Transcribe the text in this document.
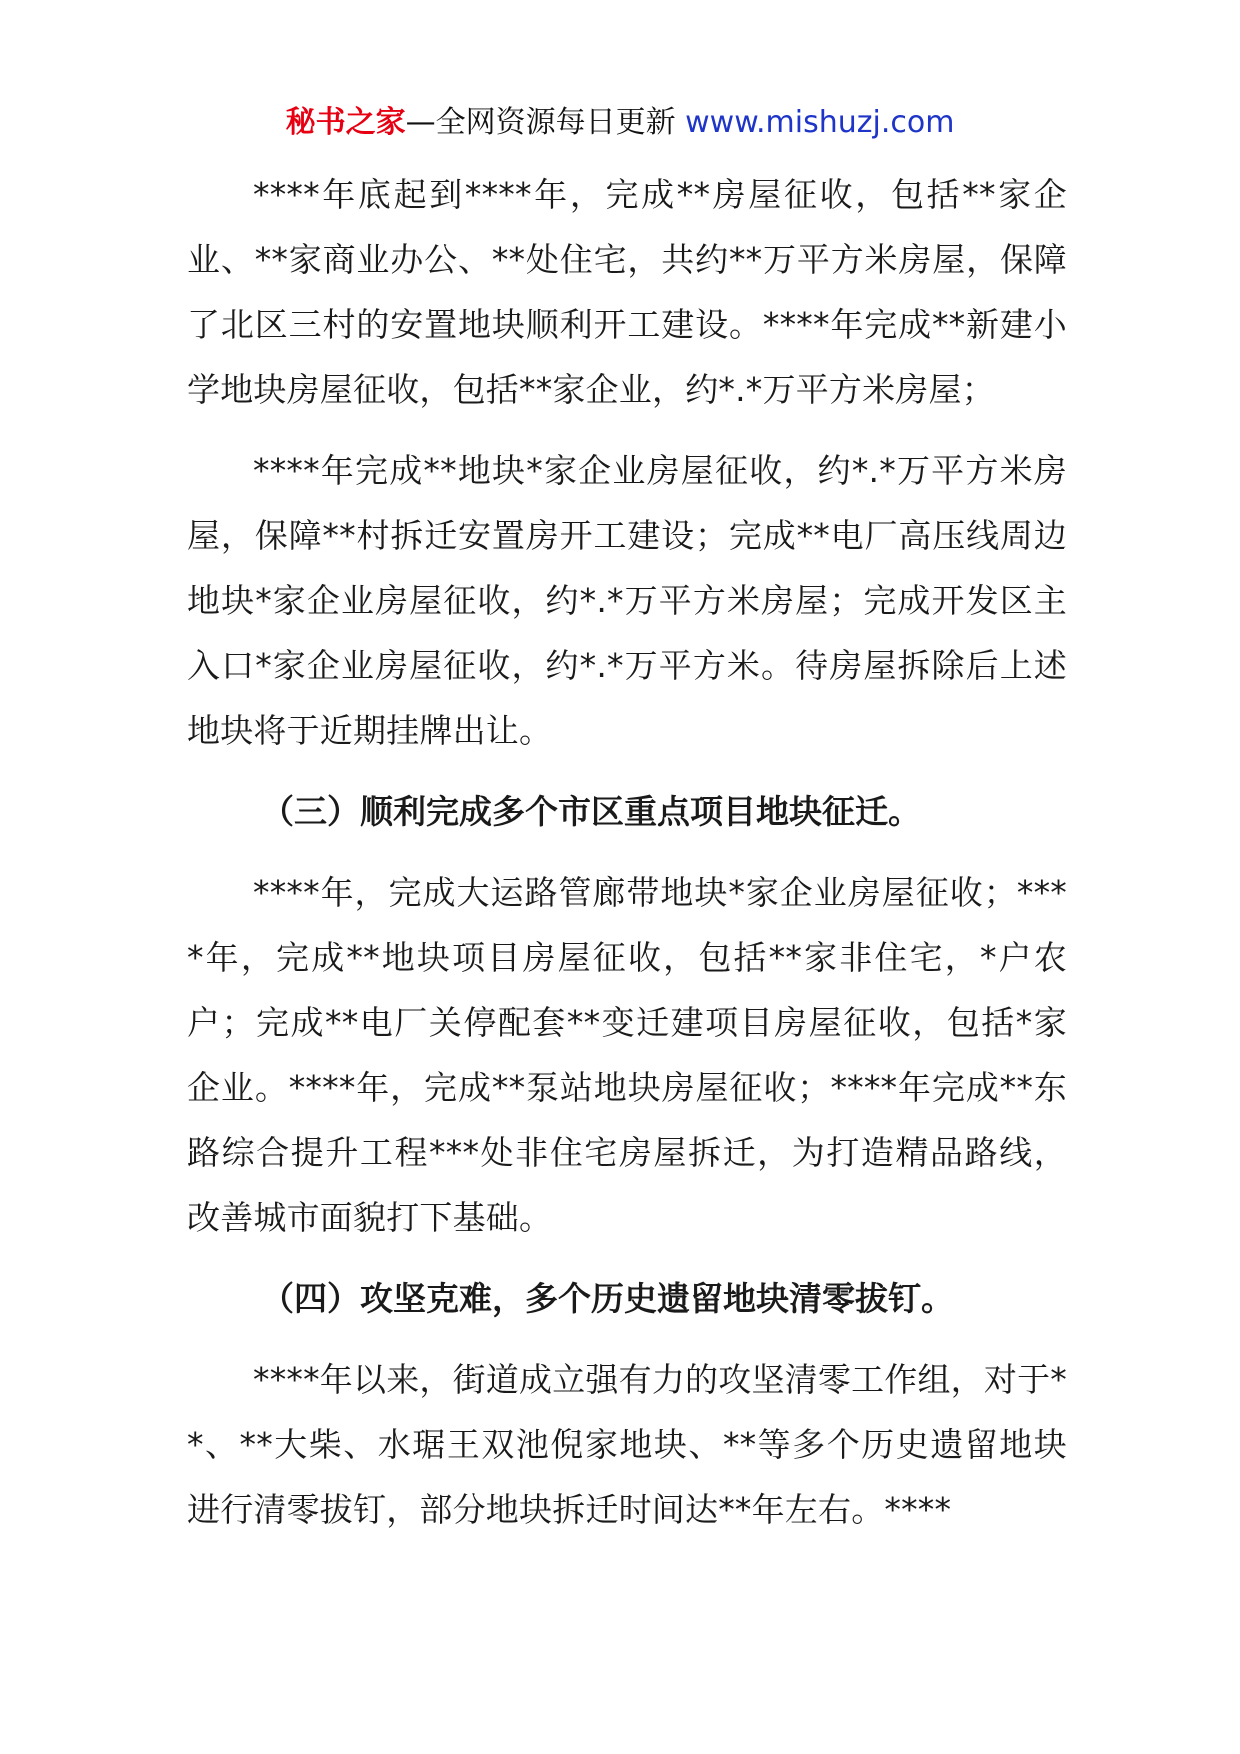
秘书之家—全网资源每日更新 www.mishuzj.com

****年底起到****年，完成**房屋征收，包括**家企业、**家商业办公、**处住宅，共约**万平方米房屋，保障了北区三村的安置地块顺利开工建设。****年完成**新建小学地块房屋征收，包括**家企业，约*.*万平方米房屋；

****年完成**地块*家企业房屋征收，约*.*万平方米房屋，保障**村拆迁安置房开工建设；完成**电厂高压线周边地块*家企业房屋征收，约*.*万平方米房屋；完成开发区主入口*家企业房屋征收，约*.*万平方米。待房屋拆除后上述地块将于近期挂牌出让。

（三）顺利完成多个市区重点项目地块征迁。

****年，完成大运路管廊带地块*家企业房屋征收；****年，完成**地块项目房屋征收，包括**家非住宅，*户农户；完成**电厂关停配套**变迁建项目房屋征收，包括*家企业。****年，完成**泵站地块房屋征收；****年完成**东路综合提升工程***处非住宅房屋拆迁，为打造精品路线，改善城市面貌打下基础。

（四）攻坚克难，多个历史遗留地块清零拔钉。

****年以来，街道成立强有力的攻坚清零工作组，对于**、**大柴、水琚王双池倪家地块、**等多个历史遗留地块进行清零拔钉，部分地块拆迁时间达**年左右。****
